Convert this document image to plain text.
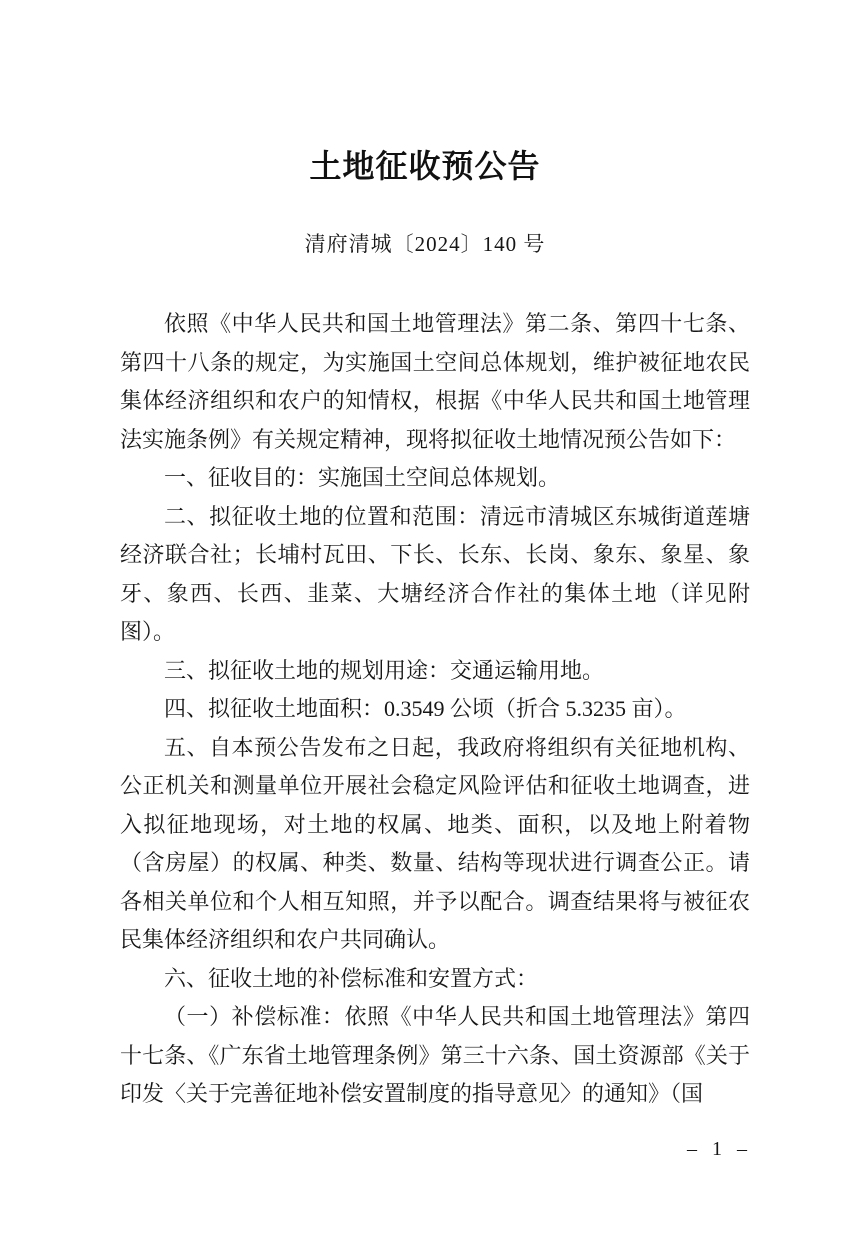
土地征收预公告
清府清城〔2024〕140 号

依照《中华人民共和国土地管理法》第二条、第四十七条、第四十八条的规定，为实施国土空间总体规划，维护被征地农民集体经济组织和农户的知情权，根据《中华人民共和国土地管理法实施条例》有关规定精神，现将拟征收土地情况预公告如下：

一、征收目的：实施国土空间总体规划。

二、拟征收土地的位置和范围：清远市清城区东城街道莲塘经济联合社；长埔村瓦田、下长、长东、长岗、象东、象星、象牙、象西、长西、韭菜、大塘经济合作社的集体土地（详见附图）。

三、拟征收土地的规划用途：交通运输用地。

四、拟征收土地面积：0.3549 公顷（折合 5.3235 亩）。

五、自本预公告发布之日起，我政府将组织有关征地机构、公正机关和测量单位开展社会稳定风险评估和征收土地调查，进入拟征地现场，对土地的权属、地类、面积，以及地上附着物（含房屋）的权属、种类、数量、结构等现状进行调查公正。请各相关单位和个人相互知照，并予以配合。调查结果将与被征农民集体经济组织和农户共同确认。

六、征收土地的补偿标准和安置方式：

（一）补偿标准：依照《中华人民共和国土地管理法》第四十七条、《广东省土地管理条例》第三十六条、国土资源部《关于印发〈关于完善征地补偿安置制度的指导意见〉的通知》（国

– 1 –
